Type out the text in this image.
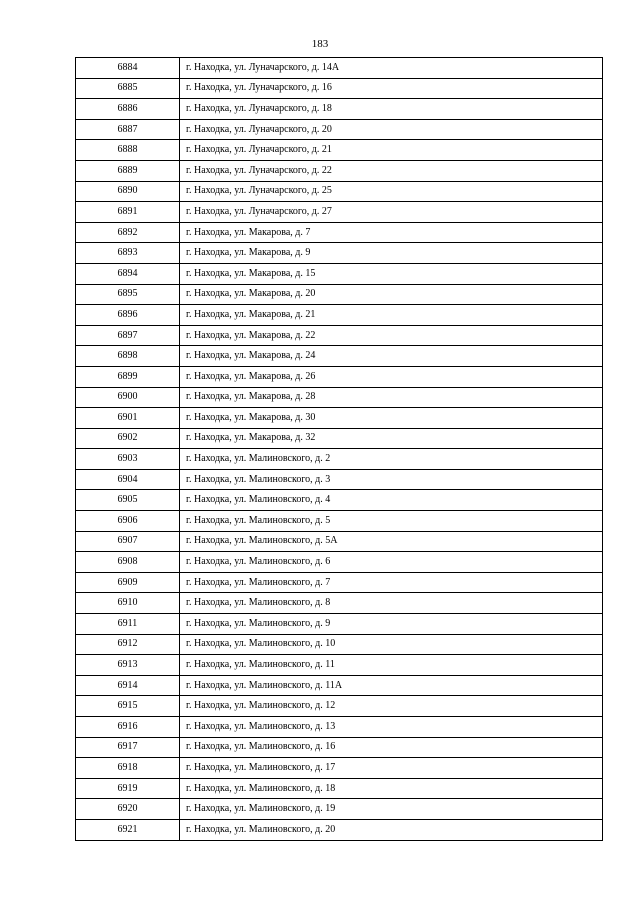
183
6884	г. Находка, ул. Луначарского, д. 14А
6885	г. Находка, ул. Луначарского, д. 16
6886	г. Находка, ул. Луначарского, д. 18
6887	г. Находка, ул. Луначарского, д. 20
6888	г. Находка, ул. Луначарского, д. 21
6889	г. Находка, ул. Луначарского, д. 22
6890	г. Находка, ул. Луначарского, д. 25
6891	г. Находка, ул. Луначарского, д. 27
6892	г. Находка, ул. Макарова, д. 7
6893	г. Находка, ул. Макарова, д. 9
6894	г. Находка, ул. Макарова, д. 15
6895	г. Находка, ул. Макарова, д. 20
6896	г. Находка, ул. Макарова, д. 21
6897	г. Находка, ул. Макарова, д. 22
6898	г. Находка, ул. Макарова, д. 24
6899	г. Находка, ул. Макарова, д. 26
6900	г. Находка, ул. Макарова, д. 28
6901	г. Находка, ул. Макарова, д. 30
6902	г. Находка, ул. Макарова, д. 32
6903	г. Находка, ул. Малиновского, д. 2
6904	г. Находка, ул. Малиновского, д. 3
6905	г. Находка, ул. Малиновского, д. 4
6906	г. Находка, ул. Малиновского, д. 5
6907	г. Находка, ул. Малиновского, д. 5А
6908	г. Находка, ул. Малиновского, д. 6
6909	г. Находка, ул. Малиновского, д. 7
6910	г. Находка, ул. Малиновского, д. 8
6911	г. Находка, ул. Малиновского, д. 9
6912	г. Находка, ул. Малиновского, д. 10
6913	г. Находка, ул. Малиновского, д. 11
6914	г. Находка, ул. Малиновского, д. 11А
6915	г. Находка, ул. Малиновского, д. 12
6916	г. Находка, ул. Малиновского, д. 13
6917	г. Находка, ул. Малиновского, д. 16
6918	г. Находка, ул. Малиновского, д. 17
6919	г. Находка, ул. Малиновского, д. 18
6920	г. Находка, ул. Малиновского, д. 19
6921	г. Находка, ул. Малиновского, д. 20
